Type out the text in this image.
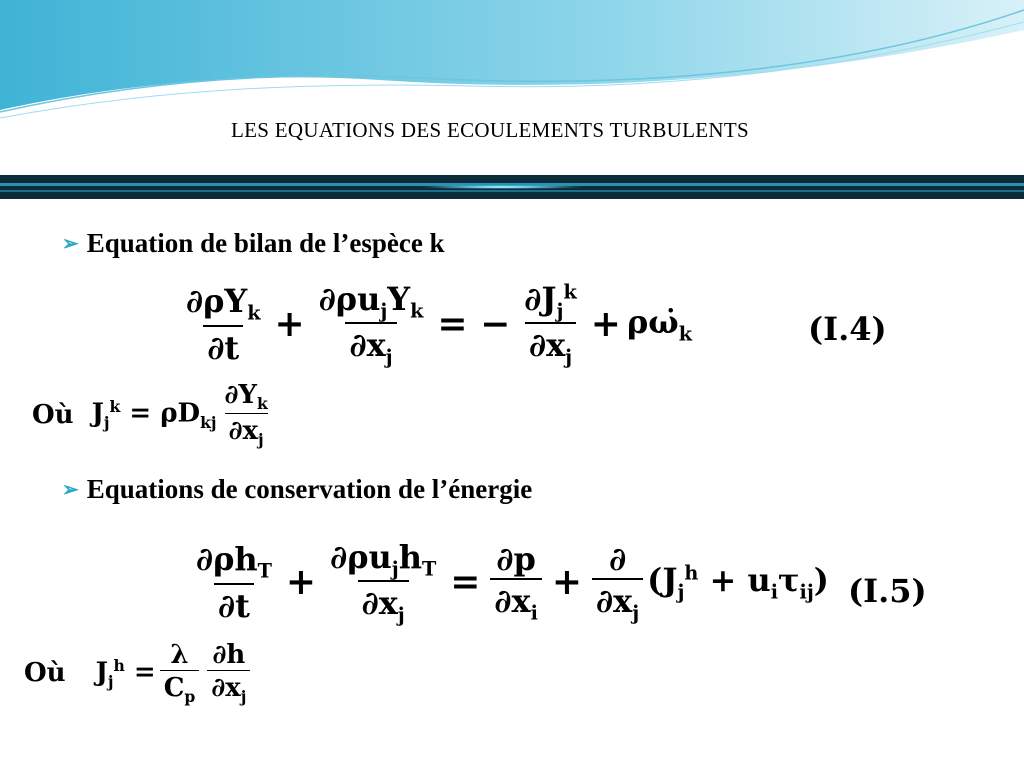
LES EQUATIONS DES ECOULEMENTS TURBULENTS
➢ Equation de bilan de l’espèce k
$\frac{\partial\rho Y_k}{\partial t} + \frac{\partial\rho u_jY_k}{\partial x_j}$ = − $\frac{\partial J_j^k}{\partial x_j}$ + $\rho\omegȧ_k$	(I.4)
Où $J_j^k = \rho D_{kj} \frac{\partial Y_k}{\partial x_j}$
➢ Equations de conservation de l’énergie
$\frac{\partial\rho h_T}{\partial t} + \frac{\partial\rho u_jh_T}{\partial x_j} = \frac{\partial p}{\partial x_i} + \frac{\partial}{\partial x_j} (J_j^h + u_i\tau_{ij})$ (I.5)
Où $J_j^h = \frac{\lambda}{C_p} \frac{\partial h}{\partial x_j}$
